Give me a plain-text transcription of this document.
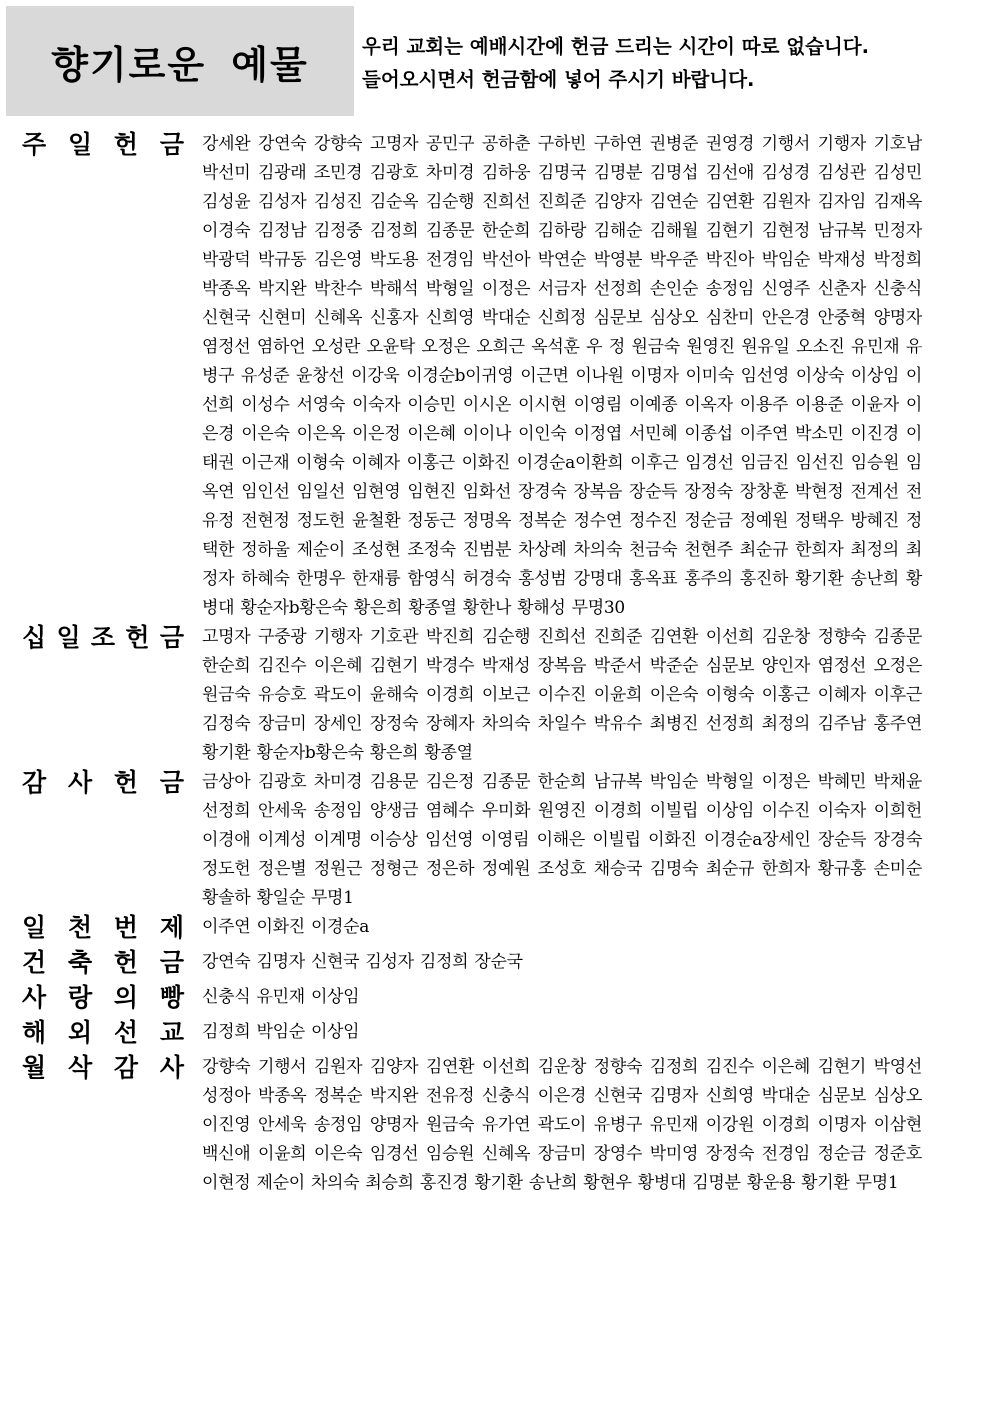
향기로운 예물	우리 교회는 예배시간에 헌금 드리는 시간이 따로 없습니다.
들어오시면서 헌금함에 넣어 주시기 바랍니다.
주 일 헌 금 강세완 강연숙 강향숙 고명자 공민구 공하춘 구하빈 구하연 권병준 권영경 기행서 기행자 기호남 박선미 김광래 조민경 김광호 차미경 김하웅 김명국 김명분 김명섭 김선애 김성경 김성관 김성민 김성윤 김성자 김성진 김순옥 김순행 진희선 진희준 김양자 김연순 김연환 김원자 김자임 김재옥 이경숙 김정남 김정중 김정희 김종문 한순희 김하랑 김해순 김해월 김현기 김현정 남규복 민정자 박광덕 박규동 김은영 박도용 전경임 박선아 박연순 박영분 박우준 박진아 박임순 박재성 박정희 박종옥 박지완 박찬수 박해석 박형일 이정은 서금자 선정희 손인순 송정임 신영주 신춘자 신충식 신현국 신현미 신혜옥 신홍자 신희영 박대순 신희정 심문보 심상오 심찬미 안은경 안중혁 양명자 염정선 염하언 오성란 오윤탁 오정은 오희근 옥석훈 우 정 원금숙 원영진 원유일 오소진 유민재 유병구 유성준 윤창선 이강욱 이경순b이귀영 이근면 이나원 이명자 이미숙 임선영 이상숙 이상임 이선희 이성수 서영숙 이숙자 이승민 이시온 이시현 이영림 이예종 이옥자 이용주 이용준 이윤자 이은경 이은숙 이은옥 이은정 이은혜 이이나 이인숙 이정엽 서민혜 이종섭 이주연 박소민 이진경 이태권 이근재 이형숙 이혜자 이홍근 이화진 이경순a이환희 이후근 임경선 임금진 임선진 임승원 임옥연 임인선 임일선 임현영 임현진 임화선 장경숙 장복음 장순득 장정숙 장창훈 박현정 전계선 전유정 전현정 정도헌 윤철환 정동근 정명옥 정복순 정수연 정수진 정순금 정예원 정택우 방혜진 정택한 정하울 제순이 조성현 조정숙 진범분 차상례 차의숙 천금숙 천현주 최순규 한희자 최정의 최정자 하혜숙 한명우 한재륭 함영식 허경숙 홍성범 강명대 홍옥표 홍주의 홍진하 황기환 송난희 황병대 황순자b황은숙 황은희 황종열 황한나 황해성 무명30
십 일 조 헌 금 고명자 구중광 기행자 기호관 박진희 김순행 진희선 진희준 김연환 이선희 김운창 정향숙 김종문 한순희 김진수 이은혜 김현기 박경수 박재성 장복음 박준서 박준순 심문보 양인자 염정선 오정은 원금숙 유승호 곽도이 윤해숙 이경희 이보근 이수진 이윤희 이은숙 이형숙 이홍근 이혜자 이후근 김정숙 장금미 장세인 장정숙 장혜자 차의숙 차일수 박유수 최병진 선정희 최정의 김주남 홍주연 황기환 황순자b황은숙 황은희 황종열
감 사 헌 금 금상아 김광호 차미경 김용문 김은정 김종문 한순희 남규복 박임순 박형일 이정은 박혜민 박채윤 선정희 안세욱 송정임 양생금 염혜수 우미화 원영진 이경희 이빌립 이상임 이수진 이숙자 이희헌 이경애 이계성 이계명 이승상 임선영 이영림 이해은 이빌립 이화진 이경순a장세인 장순득 장경숙 정도헌 정은별 정원근 정형근 정은하 정예원 조성호 채승국 김명숙 최순규 한희자 황규홍 손미순 황솔하 황일순 무명1
일 천 번 제 이주연 이화진 이경순a
건 축 헌 금 강연숙 김명자 신현국 김성자 김정희 장순국
사 랑 의 빵 신충식 유민재 이상임
해 외 선 교 김정희 박임순 이상임
월 삭 감 사 강향숙 기행서 김원자 김양자 김연환 이선희 김운창 정향숙 김정희 김진수 이은혜 김현기 박영선 성정아 박종옥 정복순 박지완 전유정 신충식 이은경 신현국 김명자 신희영 박대순 심문보 심상오 이진영 안세욱 송정임 양명자 원금숙 유가연 곽도이 유병구 유민재 이강원 이경희 이명자 이삼현 백신애 이윤희 이은숙 임경선 임승원 신혜옥 장금미 장영수 박미영 장정숙 전경임 정순금 정준호 이현정 제순이 차의숙 최승희 홍진경 황기환 송난희 황현우 황병대 김명분 황운용 황기환 무명1
